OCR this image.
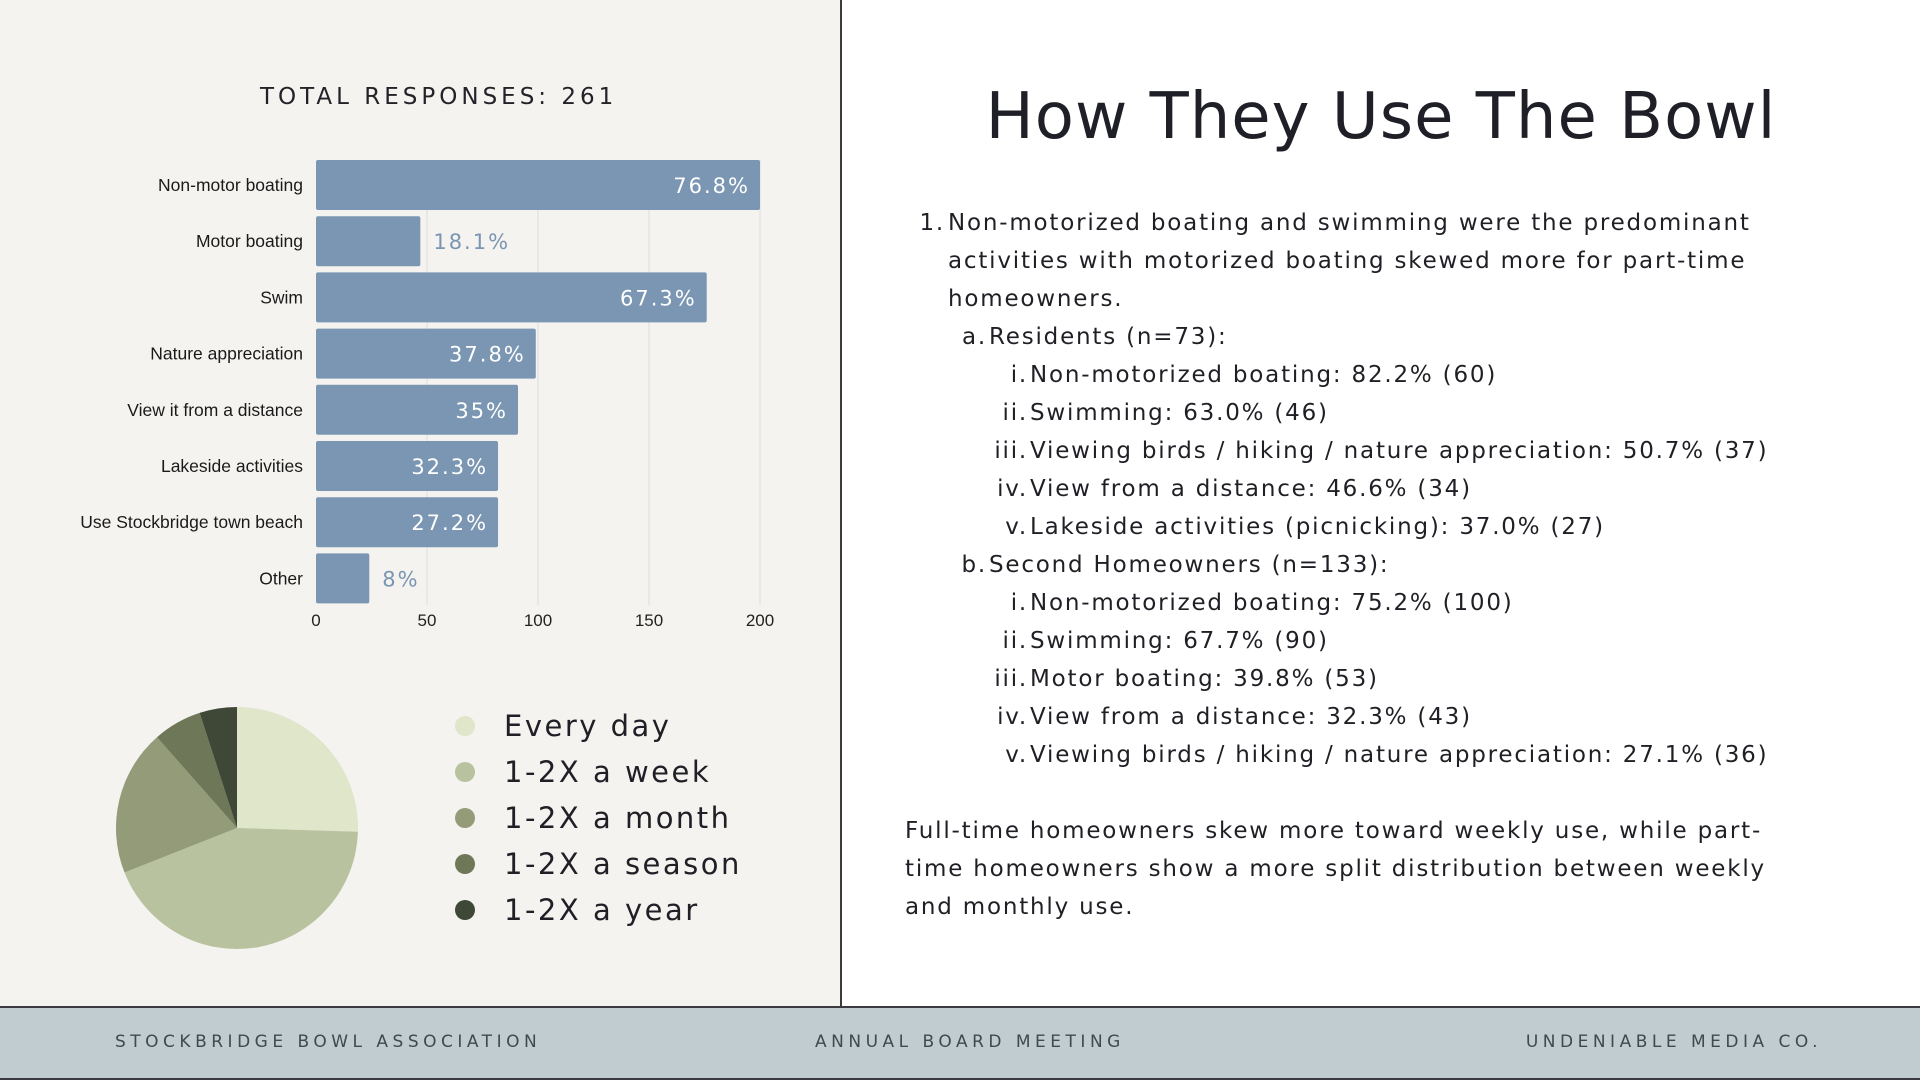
TOTAL RESPONSES: 261
0	50	100	150	200
Non-motor boating	76.8%
Motor boating	18.1%
Swim	67.3%
Nature appreciation	37.8%
View it from a distance	35%
Lakeside activities	32.3%
Use Stockbridge town beach	27.2%
Other	8%
Every day
1-2X a week
1-2X a month
1-2X a season
1-2X a year
How They Use The Bowl
1. Non-motorized boating and swimming were the predominant
activities with motorized boating skewed more for part-time
homeowners.
a. Residents (n=73):
i. Non-motorized boating: 82.2% (60)
ii. Swimming: 63.0% (46)
iii. Viewing birds / hiking / nature appreciation: 50.7% (37)
iv. View from a distance: 46.6% (34)
v. Lakeside activities (picnicking): 37.0% (27)
b. Second Homeowners (n=133):
i. Non-motorized boating: 75.2% (100)
ii. Swimming: 67.7% (90)
iii. Motor boating: 39.8% (53)
iv. View from a distance: 32.3% (43)
v. Viewing birds / hiking / nature appreciation: 27.1% (36)
Full-time homeowners skew more toward weekly use, while part-
time homeowners show a more split distribution between weekly
and monthly use.
STOCKBRIDGE BOWL ASSOCIATION	ANNUAL BOARD MEETING	UNDENIABLE MEDIA CO.
